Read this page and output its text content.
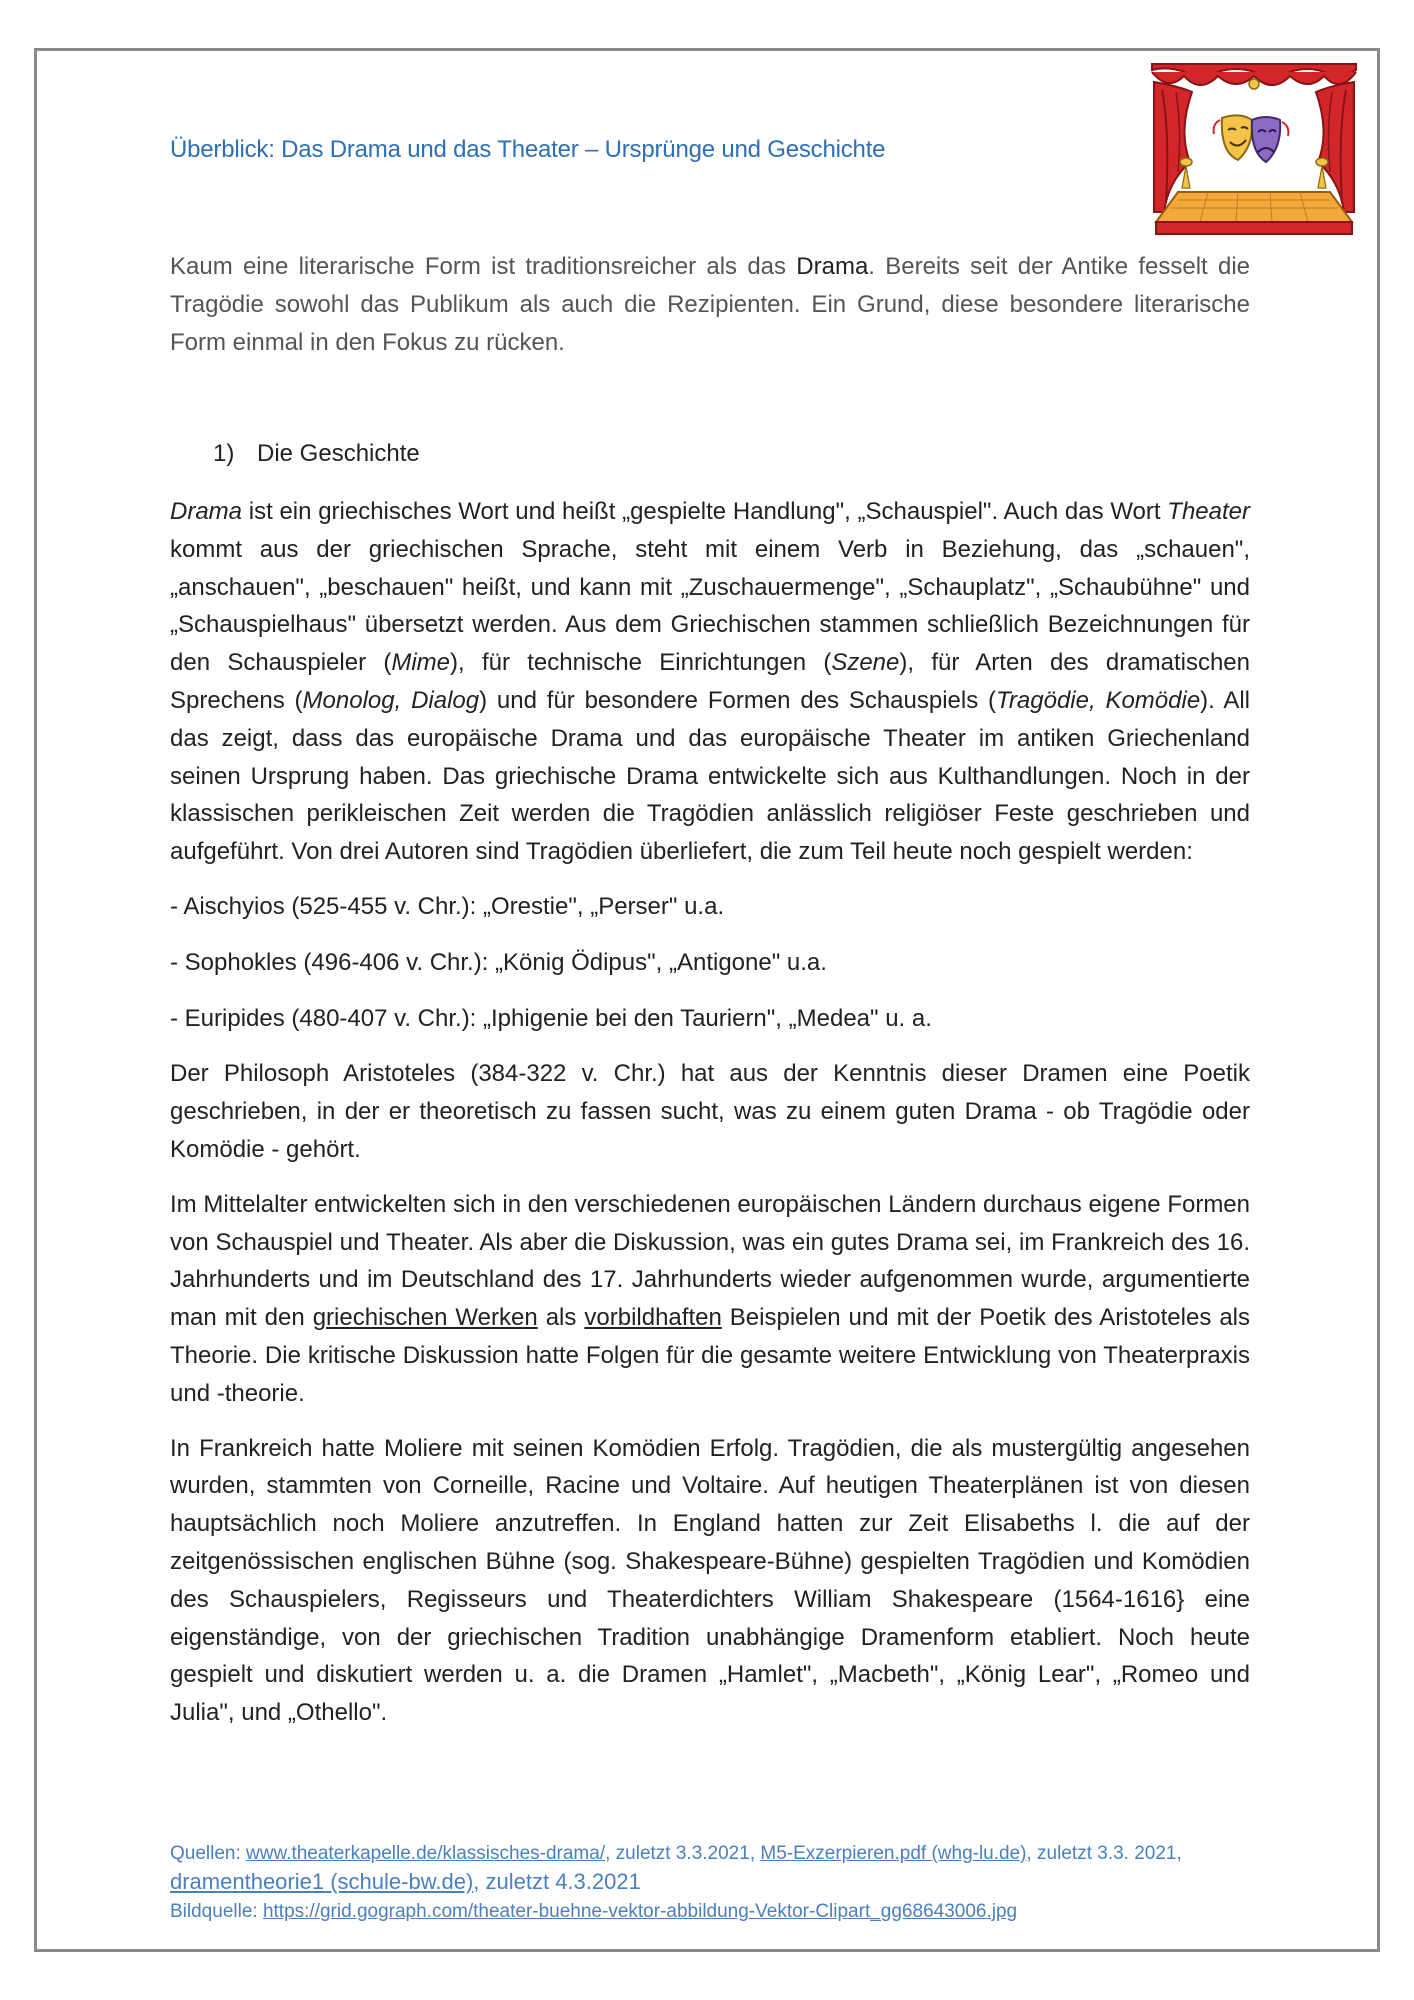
Überblick: Das Drama und das Theater – Ursprünge und Geschichte
Kaum eine literarische Form ist traditionsreicher als das Drama. Bereits seit der Antike fesselt die Tragödie sowohl das Publikum als auch die Rezipienten. Ein Grund, diese besondere literarische Form einmal in den Fokus zu rücken.
1) Die Geschichte

Drama ist ein griechisches Wort und heißt „gespielte Handlung", „Schauspiel". Auch das Wort Theater kommt aus der griechischen Sprache, steht mit einem Verb in Beziehung, das „schauen", „anschauen", „beschauen" heißt, und kann mit „Zuschauermenge", „Schauplatz", „Schaubühne" und „Schauspielhaus" übersetzt werden. Aus dem Griechischen stammen schließlich Bezeichnungen für den Schauspieler (Mime), für technische Einrichtungen (Szene), für Arten des dramatischen Sprechens (Monolog, Dialog) und für besondere Formen des Schauspiels (Tragödie, Komödie). All das zeigt, dass das europäische Drama und das europäische Theater im antiken Griechenland seinen Ursprung haben. Das griechische Drama entwickelte sich aus Kulthandlungen. Noch in der klassischen perikleischen Zeit werden die Tragödien anlässlich religiöser Feste geschrieben und aufgeführt. Von drei Autoren sind Tragödien überliefert, die zum Teil heute noch gespielt werden:

- Aischyios (525-455 v. Chr.): „Orestie", „Perser" u.a.

- Sophokles (496-406 v. Chr.): „König Ödipus", „Antigone" u.a.

- Euripides (480-407 v. Chr.): „Iphigenie bei den Tauriern", „Medea" u. a.

Der Philosoph Aristoteles (384-322 v. Chr.) hat aus der Kenntnis dieser Dramen eine Poetik geschrieben, in der er theoretisch zu fassen sucht, was zu einem guten Drama - ob Tragödie oder Komödie - gehört.

Im Mittelalter entwickelten sich in den verschiedenen europäischen Ländern durchaus eigene Formen von Schauspiel und Theater. Als aber die Diskussion, was ein gutes Drama sei, im Frankreich des 16. Jahrhunderts und im Deutschland des 17. Jahrhunderts wieder aufgenommen wurde, argumentierte man mit den griechischen Werken als vorbildhaften Beispielen und mit der Poetik des Aristoteles als Theorie. Die kritische Diskussion hatte Folgen für die gesamte weitere Entwicklung von Theaterpraxis und -theorie.

In Frankreich hatte Moliere mit seinen Komödien Erfolg. Tragödien, die als mustergültig angesehen wurden, stammten von Corneille, Racine und Voltaire. Auf heutigen Theaterplänen ist von diesen hauptsächlich noch Moliere anzutreffen. In England hatten zur Zeit Elisabeths l. die auf der zeitgenössischen englischen Bühne (sog. Shakespeare-Bühne) gespielten Tragödien und Komödien des Schauspielers, Regisseurs und Theaterdichters William Shakespeare (1564-1616} eine eigenständige, von der griechischen Tradition unabhängige Dramenform etabliert. Noch heute gespielt und diskutiert werden u. a. die Dramen „Hamlet", „Macbeth", „König Lear", „Romeo und Julia", und „Othello".

Quellen: www.theaterkapelle.de/klassisches-drama/, zuletzt 3.3.2021, M5-Exzerpieren.pdf (whg-lu.de), zuletzt 3.3. 2021, dramentheorie1 (schule-bw.de), zuletzt 4.3.2021
Bildquelle: https://grid.gograph.com/theater-buehne-vektor-abbildung-Vektor-Clipart_gg68643006.jpg
